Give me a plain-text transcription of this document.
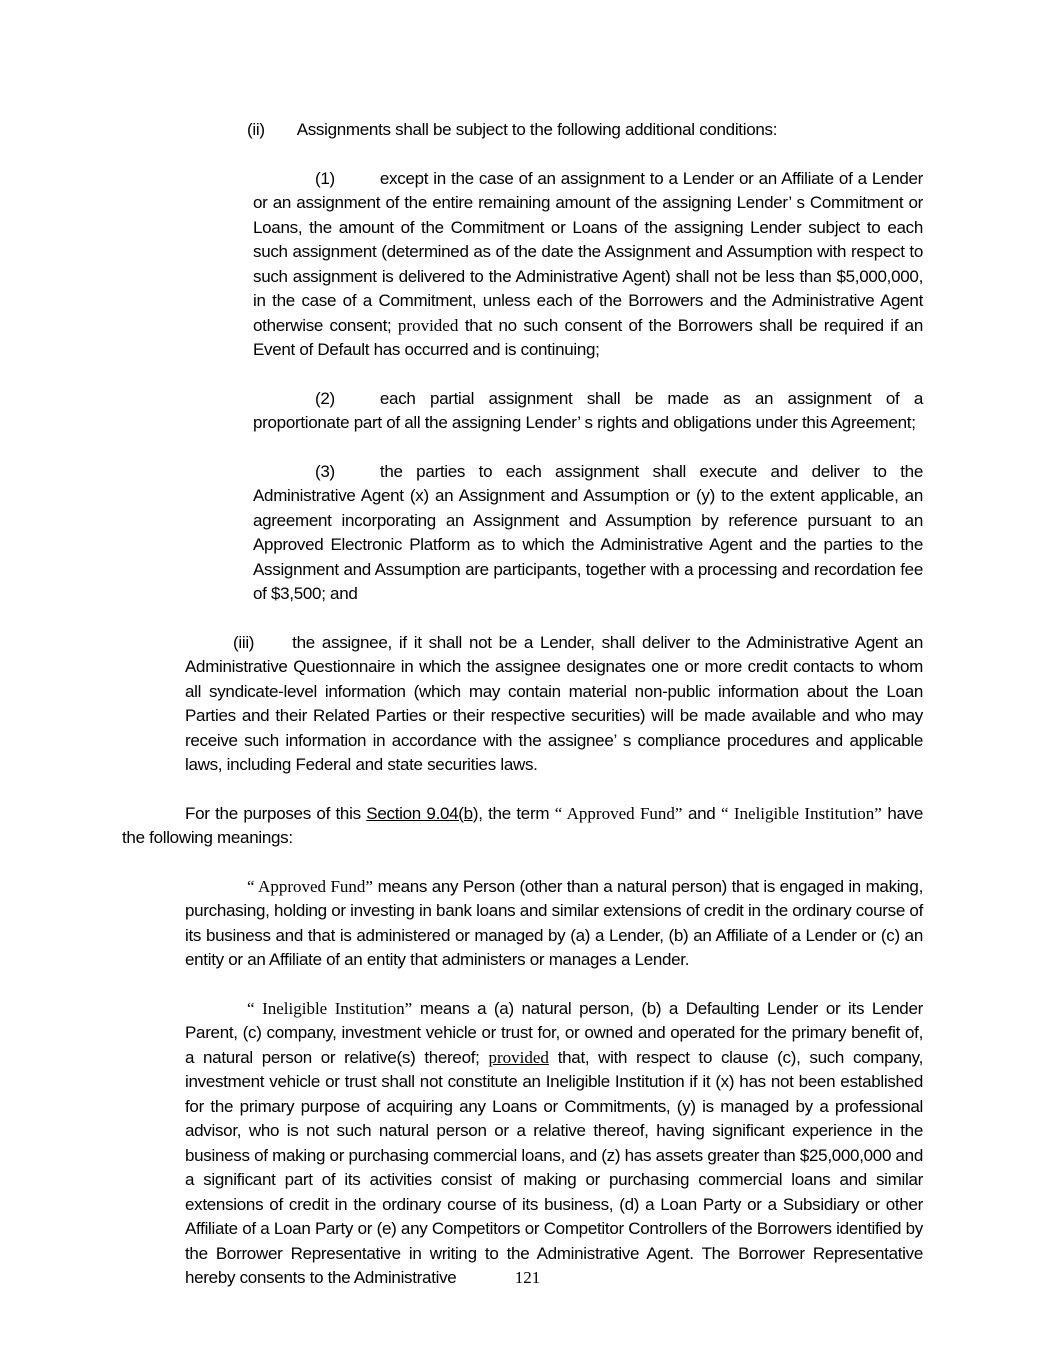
(ii) Assignments shall be subject to the following additional conditions:

(1)	except in the case of an assignment to a Lender or an Affiliate of a Lender or an assignment of the entire remaining amount of the assigning Lender’ s Commitment or Loans, the amount of the Commitment or Loans of the assigning Lender subject to each such assignment (determined as of the date the Assignment and Assumption with respect to such assignment is delivered to the Administrative Agent) shall not be less than $5,000,000, in the case of a Commitment, unless each of the Borrowers and the Administrative Agent otherwise consent; provided that no such consent of the Borrowers shall be required if an Event of Default has occurred and is continuing;

(2)	each partial assignment shall be made as an assignment of a proportionate part of all the assigning Lender’ s rights and obligations under this Agreement;

(3)	the parties to each assignment shall execute and deliver to the Administrative Agent (x) an Assignment and Assumption or (y) to the extent applicable, an agreement incorporating an Assignment and Assumption by reference pursuant to an Approved Electronic Platform as to which the Administrative Agent and the parties to the Assignment and Assumption are participants, together with a processing and recordation fee of $3,500; and

(iii) the assignee, if it shall not be a Lender, shall deliver to the Administrative Agent an Administrative Questionnaire in which the assignee designates one or more credit contacts to whom all syndicate-level information (which may contain material non-public information about the Loan Parties and their Related Parties or their respective securities) will be made available and who may receive such information in accordance with the assignee’ s compliance procedures and applicable laws, including Federal and state securities laws.

For the purposes of this Section 9.04(b), the term “ Approved Fund” and “ Ineligible Institution” have the following meanings:

“ Approved Fund” means any Person (other than a natural person) that is engaged in making, purchasing, holding or investing in bank loans and similar extensions of credit in the ordinary course of its business and that is administered or managed by (a) a Lender, (b) an Affiliate of a Lender or (c) an entity or an Affiliate of an entity that administers or manages a Lender.

“ Ineligible Institution” means a (a) natural person, (b) a Defaulting Lender or its Lender Parent, (c) company, investment vehicle or trust for, or owned and operated for the primary benefit of, a natural person or relative(s) thereof; provided that, with respect to clause (c), such company, investment vehicle or trust shall not constitute an Ineligible Institution if it (x) has not been established for the primary purpose of acquiring any Loans or Commitments, (y) is managed by a professional advisor, who is not such natural person or a relative thereof, having significant experience in the business of making or purchasing commercial loans, and (z) has assets greater than $25,000,000 and a significant part of its activities consist of making or purchasing commercial loans and similar extensions of credit in the ordinary course of its business, (d) a Loan Party or a Subsidiary or other Affiliate of a Loan Party or (e) any Competitors or Competitor Controllers of the Borrowers identified by the Borrower Representative in writing to the Administrative Agent. The Borrower Representative hereby consents to the Administrative	121
